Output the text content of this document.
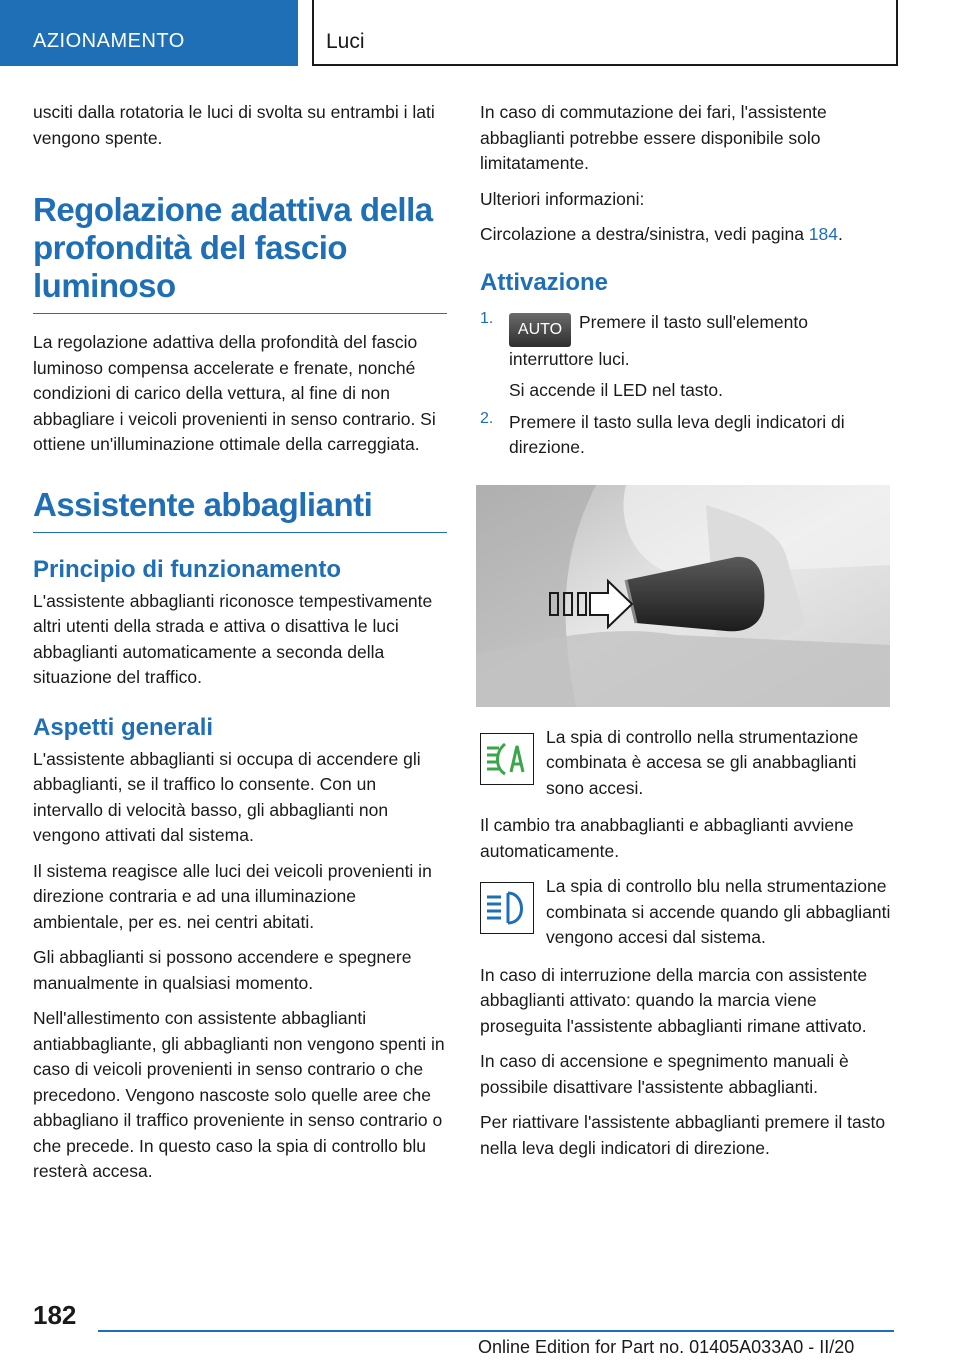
AZIONAMENTO	Luci

usciti dalla rotatoria le luci di svolta su entrambi i lati vengono spente.

Regolazione adattiva della profondità del fascio luminoso

La regolazione adattiva della profondità del fascio luminoso compensa accelerate e frenate, nonché condizioni di carico della vettura, al fine di non abbagliare i veicoli provenienti in senso contrario. Si ottiene un'illuminazione ottimale della carreggiata.

Assistente abbaglianti
Principio di funzionamento

L'assistente abbaglianti riconosce tempestivamente altri utenti della strada e attiva o disattiva le luci abbaglianti automaticamente a seconda della situazione del traffico.

Aspetti generali

L'assistente abbaglianti si occupa di accendere gli abbaglianti, se il traffico lo consente. Con un intervallo di velocità basso, gli abbaglianti non vengono attivati dal sistema.

Il sistema reagisce alle luci dei veicoli provenienti in direzione contraria e ad una illuminazione ambientale, per es. nei centri abitati.

Gli abbaglianti si possono accendere e spegnere manualmente in qualsiasi momento.

Nell'allestimento con assistente abbaglianti antiabbagliante, gli abbaglianti non vengono spenti in caso di veicoli provenienti in senso contrario o che precedono. Vengono nascoste solo quelle aree che abbagliano il traffico proveniente in senso contrario o che precede. In questo caso la spia di controllo blu resterà accesa.

In caso di commutazione dei fari, l'assistente abbaglianti potrebbe essere disponibile solo limitatamente.

Ulteriori informazioni:

Circolazione a destra/sinistra, vedi pagina 184.

Attivazione
1.

AUTO Premere il tasto sull'elemento interruttore luci.

Si accende il LED nel tasto.

2. Premere il tasto sulla leva degli indicatori di direzione.

La spia di controllo nella strumentazione combinata è accesa se gli anabbaglianti sono accesi.

Il cambio tra anabbaglianti e abbaglianti avviene automaticamente.

La spia di controllo blu nella strumentazione combinata si accende quando gli abbaglianti vengono accesi dal sistema.

In caso di interruzione della marcia con assistente abbaglianti attivato: quando la marcia viene proseguita l'assistente abbaglianti rimane attivato.

In caso di accensione e spegnimento manuali è possibile disattivare l'assistente abbaglianti.

Per riattivare l'assistente abbaglianti premere il tasto nella leva degli indicatori di direzione.

182
Online Edition for Part no. 01405A033A0 - II/20
